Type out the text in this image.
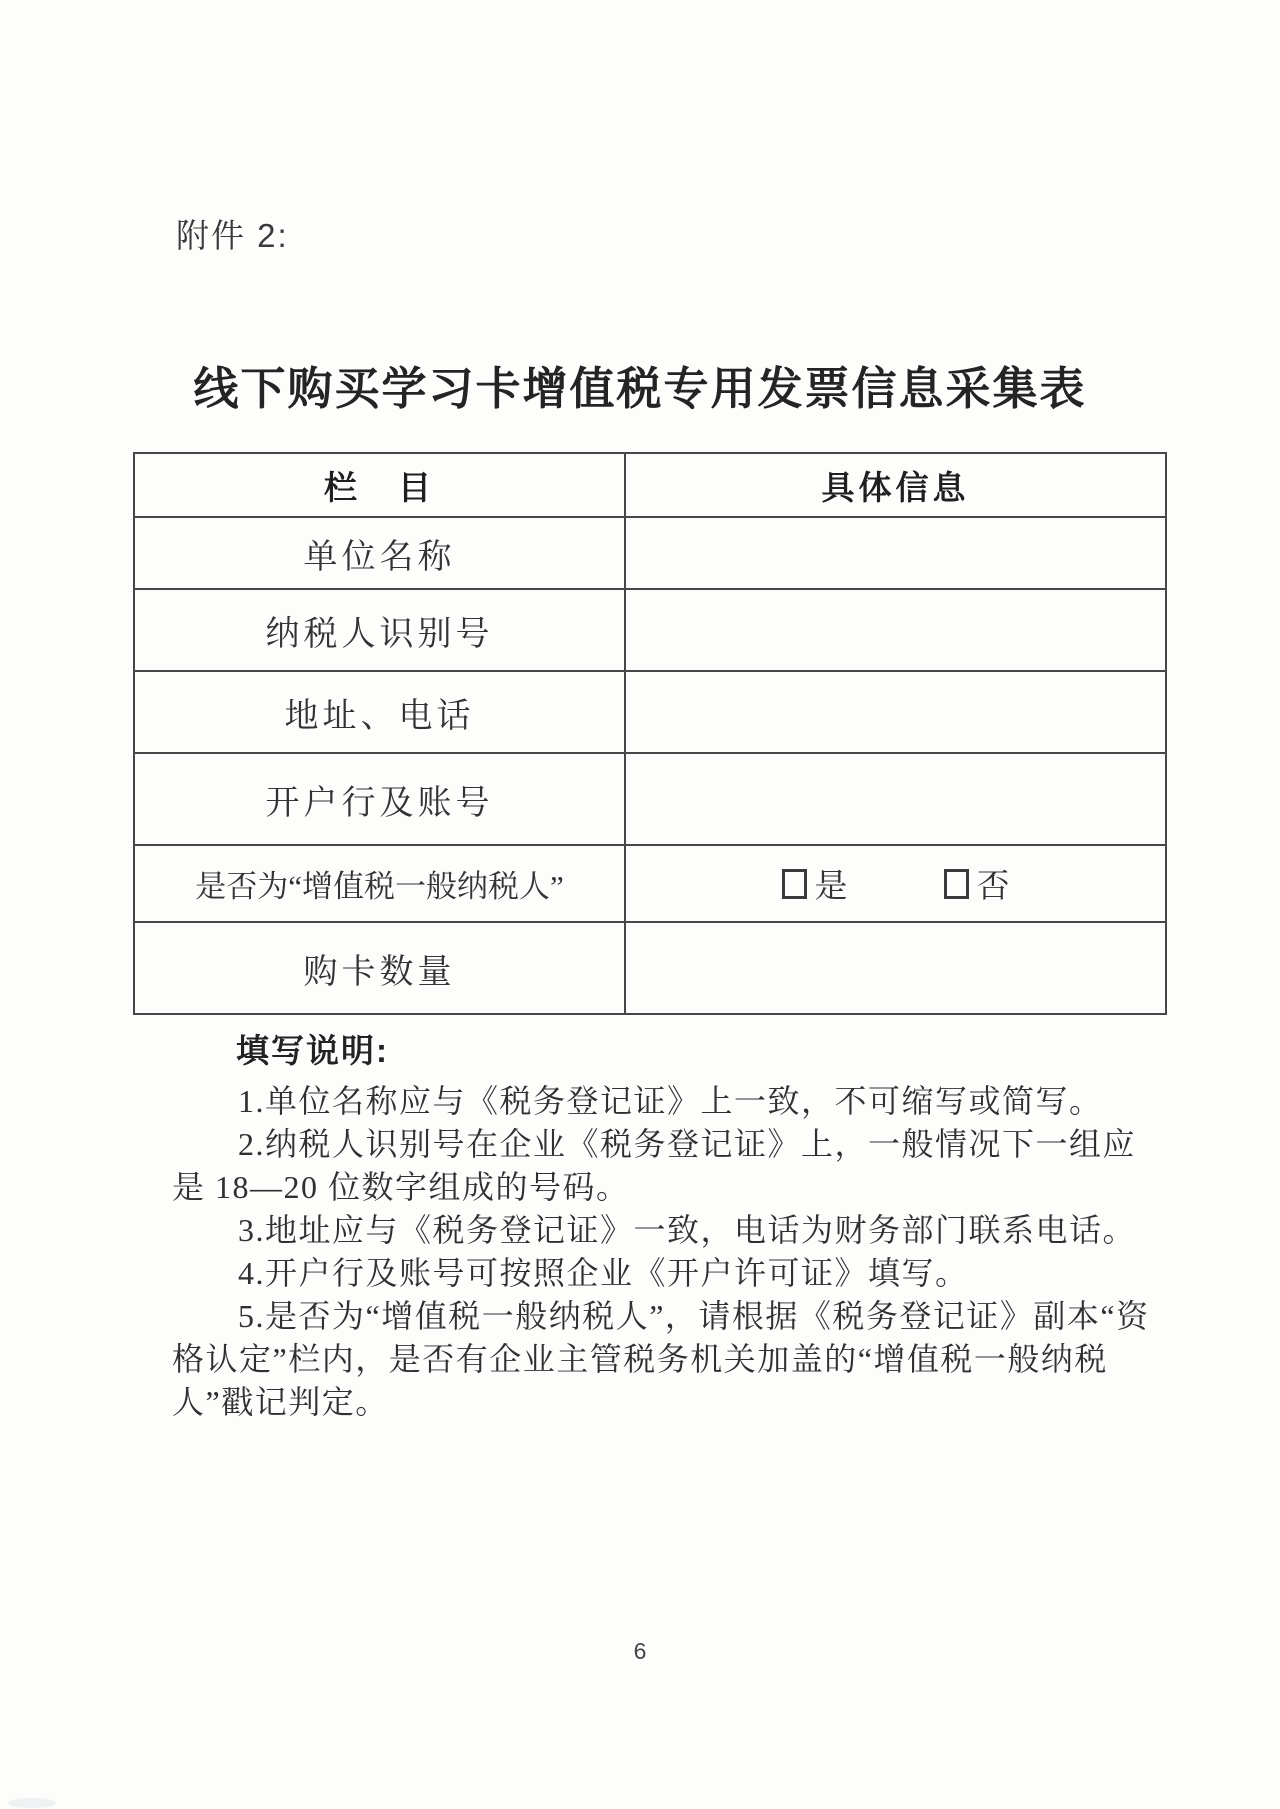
附件 2:
线下购买学习卡增值税专用发票信息采集表
栏　目	具体信息
单位名称	
纳税人识别号	
地址、电话	
开户行及账号	
是否为“增值税一般纳税人”	是 否

购卡数量	
填写说明:
1.单位名称应与《税务登记证》上一致，不可缩写或简写。
2.纳税人识别号在企业《税务登记证》上，一般情况下一组应
是 18—20 位数字组成的号码。
3.地址应与《税务登记证》一致，电话为财务部门联系电话。
4.开户行及账号可按照企业《开户许可证》填写。
5.是否为“增值税一般纳税人”，请根据《税务登记证》副本“资
格认定”栏内，是否有企业主管税务机关加盖的“增值税一般纳税
人”戳记判定。
6
